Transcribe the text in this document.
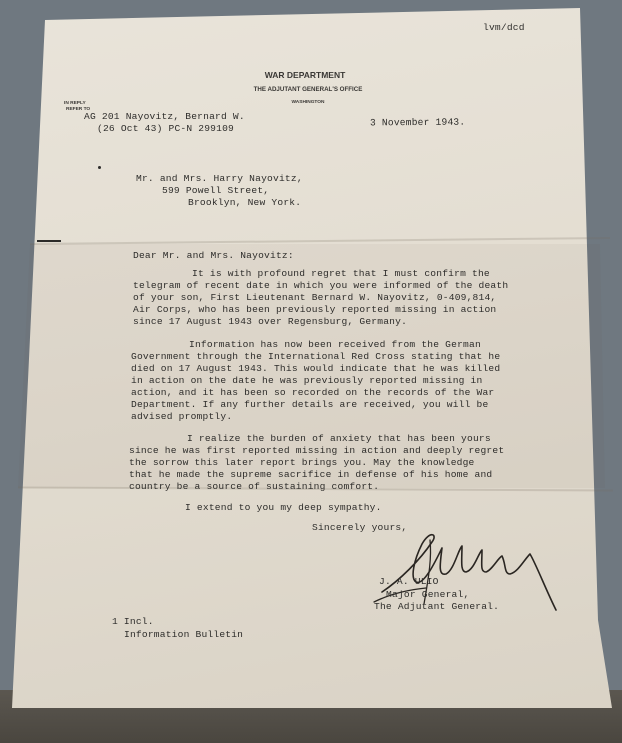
lvm/dcd

WAR DEPARTMENT

THE ADJUTANT GENERAL'S OFFICE

WASHINGTON

IN REPLY

REFER TO

AG 201 Nayovitz, Bernard W.

(26 Oct 43) PC-N 299109

3 November 1943.

Mr. and Mrs. Harry Nayovitz,

599 Powell Street,

Brooklyn, New York.

Dear Mr. and Mrs. Nayovitz:

It is with profound regret that I must confirm the

telegram of recent date in which you were informed of the death

of your son, First Lieutenant Bernard W. Nayovitz, 0-409,814,

Air Corps, who has been previously reported missing in action

since 17 August 1943 over Regensburg, Germany.

Information has now been received from the German

Government through the International Red Cross stating that he

died on 17 August 1943. This would indicate that he was killed

in action on the date he was previously reported missing in

action, and it has been so recorded on the records of the War

Department. If any further details are received, you will be

advised promptly.

I realize the burden of anxiety that has been yours

since he was first reported missing in action and deeply regret

the sorrow this later report brings you. May the knowledge

that he made the supreme sacrifice in defense of his home and

country be a source of sustaining comfort.

I extend to you my deep sympathy.

Sincerely yours,

J. A. ULIO

Major General,

The Adjutant General.

1 Incl.

Information Bulletin
